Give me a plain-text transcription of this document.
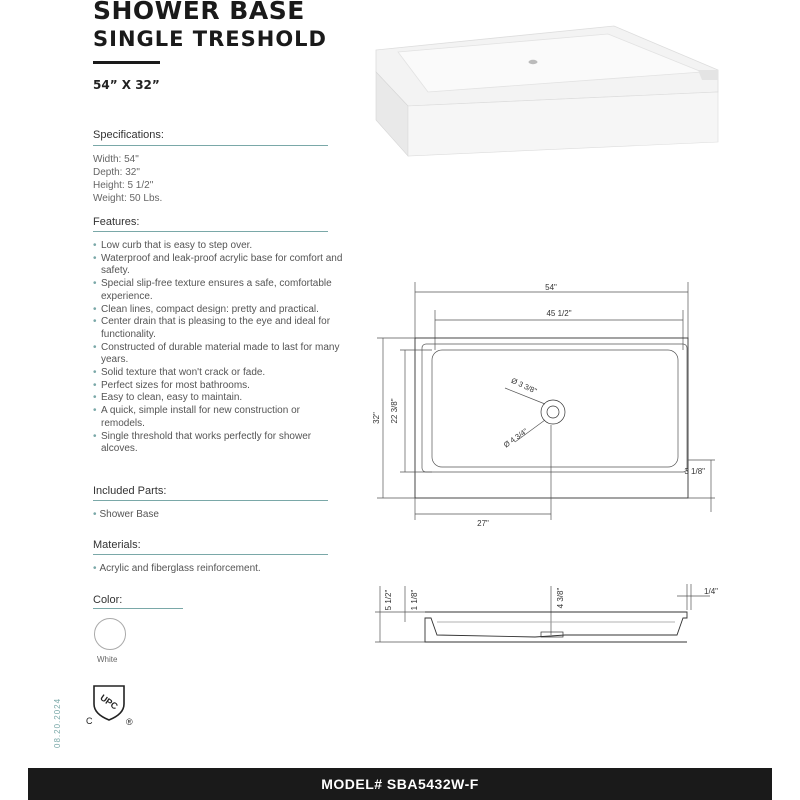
SHOWER BASE
SINGLE TRESHOLD
54” X 32”
Specifications:
Width: 54"
Depth: 32"
Height: 5 1/2"
Weight: 50 Lbs.
Features:
• Low curb that is easy to step over.
• Waterproof and leak-proof acrylic base for comfort and safety.
• Special slip-free texture ensures a safe, comfortable experience.
• Clean lines, compact design: pretty and practical.
• Center drain that is pleasing to the eye and ideal for functionality.
• Constructed of durable material made to last for many years.
• Solid texture that won't crack or fade.
• Perfect sizes for most bathrooms.
• Easy to clean, easy to maintain.
• A quick, simple install for new construction or remodels.
• Single threshold that works perfectly for shower alcoves.
Included Parts:
• Shower Base
Materials:
• Acrylic and fiberglass reinforcement.
Color:
White
UPC
C	®
08.20.2024
54"
45 1/2"
32" 22 3/8"
Ø 3 3/8"
Ø 4 3/4"
27"
3 1/8"
5 1/2" 1 1/8"	4 3/8"	1/4"
MODEL# SBA5432W-F
